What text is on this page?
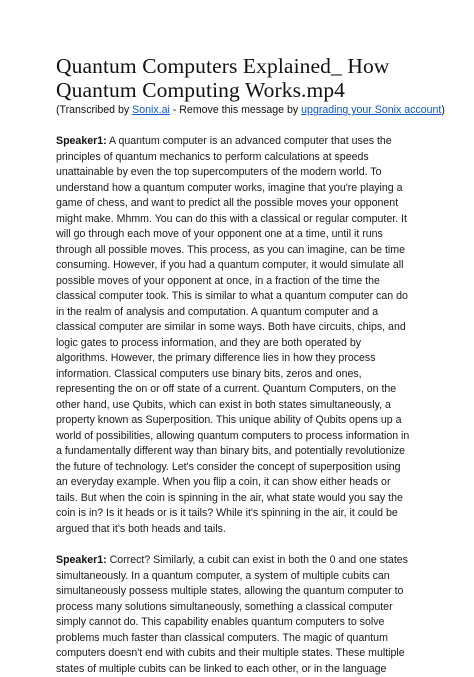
Quantum Computers Explained_ How Quantum Computing Works.mp4
(Transcribed by Sonix.ai - Remove this message by upgrading your Sonix account)

Speaker1: A quantum computer is an advanced computer that uses the principles of quantum mechanics to perform calculations at speeds unattainable by even the top supercomputers of the modern world. To understand how a quantum computer works, imagine that you're playing a game of chess, and want to predict all the possible moves your opponent might make. Mhmm. You can do this with a classical or regular computer. It will go through each move of your opponent one at a time, until it runs through all possible moves. This process, as you can imagine, can be time consuming. However, if you had a quantum computer, it would simulate all possible moves of your opponent at once, in a fraction of the time the classical computer took. This is similar to what a quantum computer can do in the realm of analysis and computation. A quantum computer and a classical computer are similar in some ways. Both have circuits, chips, and logic gates to process information, and they are both operated by algorithms. However, the primary difference lies in how they process information. Classical computers use binary bits, zeros and ones, representing the on or off state of a current. Quantum Computers, on the other hand, use Qubits, which can exist in both states simultaneously, a property known as Superposition. This unique ability of Qubits opens up a world of possibilities, allowing quantum computers to process information in a fundamentally different way than binary bits, and potentially revolutionize the future of technology. Let's consider the concept of superposition using an everyday example. When you flip a coin, it can show either heads or tails. But when the coin is spinning in the air, what state would you say the coin is in? Is it heads or is it tails? While it's spinning in the air, it could be argued that it's both heads and tails.

Speaker1: Correct? Similarly, a cubit can exist in both the 0 and one states simultaneously. In a quantum computer, a system of multiple cubits can simultaneously possess multiple states, allowing the quantum computer to process many solutions simultaneously, something a classical computer simply cannot do. This capability enables quantum computers to solve problems much faster than classical computers. The magic of quantum computers doesn't end with cubits and their multiple states. These multiple states of multiple cubits can be linked to each other, or in the language
